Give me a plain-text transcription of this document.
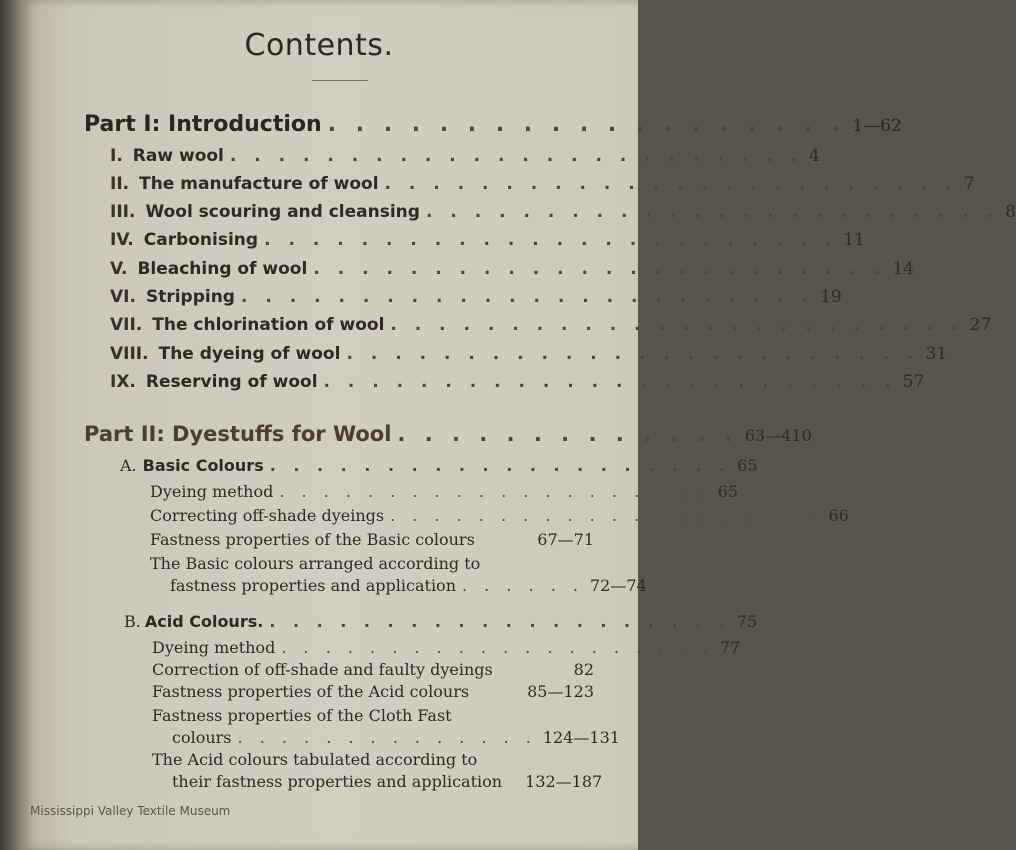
Contents.
Part I: Introduction . . . . . . . . . . . . . . . . . . . 1—62
I. Raw wool . . . . . . . . . . . . . . . . . . . . . . . . 4
II. The manufacture of wool . . . . . . . . . . . . . . . . . . . . . . . . 7
III. Wool scouring and cleansing . . . . . . . . . . . . . . . . . . . . . . . . 8
IV. Carbonising . . . . . . . . . . . . . . . . . . . . . . . . 11
V. Bleaching of wool . . . . . . . . . . . . . . . . . . . . . . . . 14
VI. Stripping . . . . . . . . . . . . . . . . . . . . . . . . 19
VII. The chlorination of wool . . . . . . . . . . . . . . . . . . . . . . . . 27
VIII. The dyeing of wool . . . . . . . . . . . . . . . . . . . . . . . . 31
IX. Reserving of wool . . . . . . . . . . . . . . . . . . . . . . . . 57
Part II: Dyestuffs for Wool . . . . . . . . . . . . . 63—410
A. Basic Colours . . . . . . . . . . . . . . . . . . . . 65
Dyeing method . . . . . . . . . . . . . . . . . . . . 65
Correcting off-shade dyeings . . . . . . . . . . . . . . . . . . . . 66
Fastness properties of the Basic colours	67—71
The Basic colours arranged according to
fastness properties and application . . . . . . 72—74
B. Acid Colours. . . . . . . . . . . . . . . . . . . . . 75
Dyeing method . . . . . . . . . . . . . . . . . . . . 77
Correction of off-shade and faulty dyeings	82
Fastness properties of the Acid colours	85—123
Fastness properties of the Cloth Fast
colours . . . . . . . . . . . . . . 124—131
The Acid colours tabulated according to
their fastness properties and application	132—187
Mississippi Valley Textile Museum
